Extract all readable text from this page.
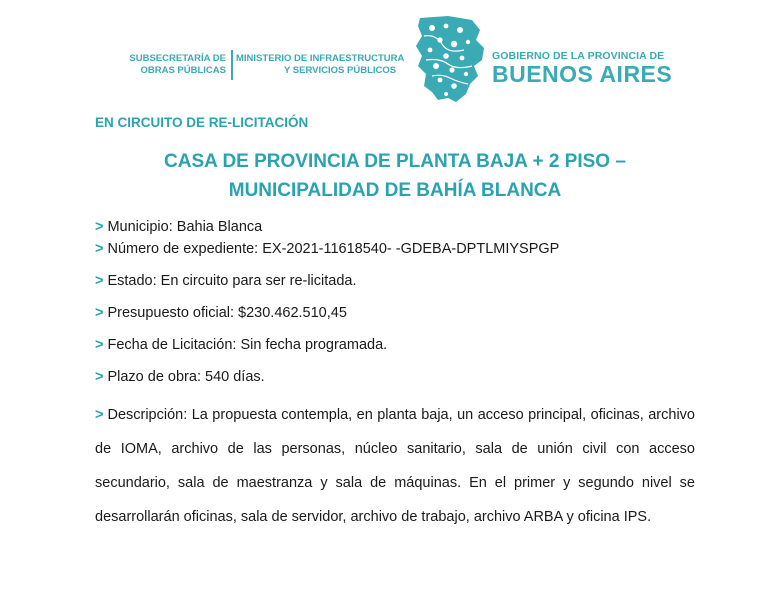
SUBSECRETARÍA DE
OBRAS PÚBLICAS
MINISTERIO DE INFRAESTRUCTURA
Y SERVICIOS PÚBLICOS
GOBIERNO DE LA PROVINCIA DE
BUENOS AIRES
EN CIRCUITO DE RE-LICITACIÓN
CASA DE PROVINCIA DE PLANTA BAJA + 2 PISO –
MUNICIPALIDAD DE BAHÍA BLANCA
> Municipio: Bahia Blanca
> Número de expediente: EX-2021-11618540- -GDEBA-DPTLMIYSPGP
> Estado: En circuito para ser re-licitada.
> Presupuesto oficial: $230.462.510,45
> Fecha de Licitación: Sin fecha programada.
> Plazo de obra: 540 días.
> Descripción: La propuesta contempla, en planta baja, un acceso principal, oficinas, archivo de IOMA, archivo de las personas, núcleo sanitario, sala de unión civil con acceso secundario, sala de maestranza y sala de máquinas. En el primer y segundo nivel se desarrollarán oficinas, sala de servidor, archivo de trabajo, archivo ARBA y oficina IPS.
